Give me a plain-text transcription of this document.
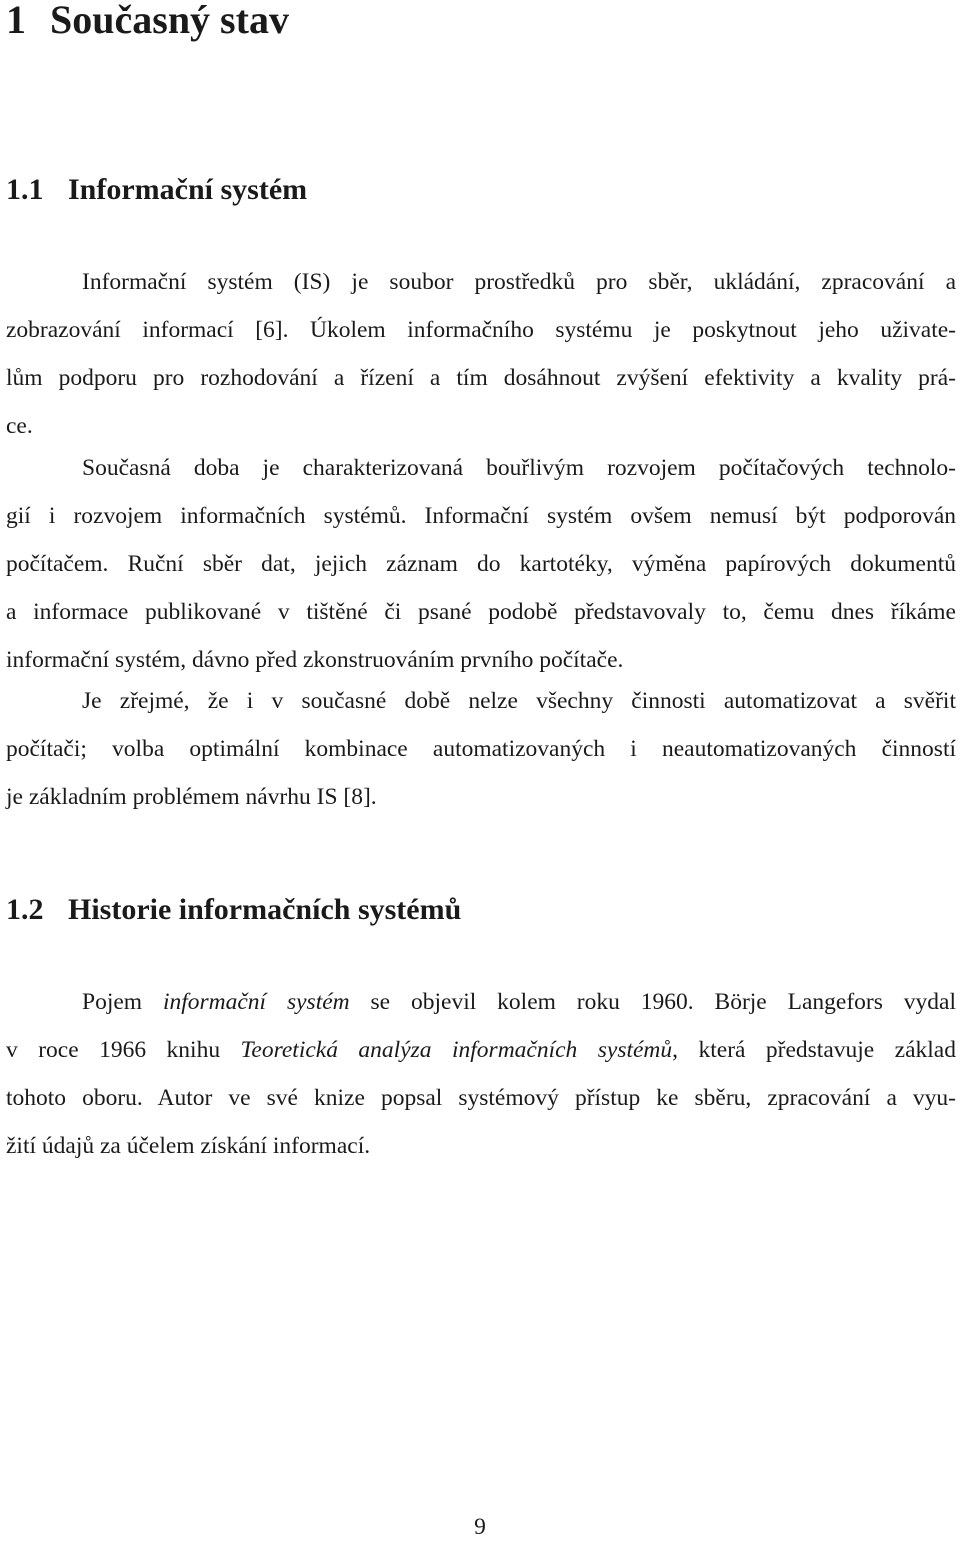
1 Současný stav
1.1 Informační systém
Informační systém (IS) je soubor prostředků pro sběr, ukládání, zpracování a
zobrazování informací [6]. Úkolem informačního systému je poskytnout jeho uživate-
lům podporu pro rozhodování a řízení a tím dosáhnout zvýšení efektivity a kvality prá-
ce.
Současná doba je charakterizovaná bouřlivým rozvojem počítačových technolo-
gií i rozvojem informačních systémů. Informační systém ovšem nemusí být podporován
počítačem. Ruční sběr dat, jejich záznam do kartotéky, výměna papírových dokumentů
a informace publikované v tištěné či psané podobě představovaly to, čemu dnes říkáme
informační systém, dávno před zkonstruováním prvního počítače.
Je zřejmé, že i v současné době nelze všechny činnosti automatizovat a svěřit
počítači; volba optimální kombinace automatizovaných i neautomatizovaných činností
je základním problémem návrhu IS [8].
1.2 Historie informačních systémů
Pojem informační systém se objevil kolem roku 1960. Börje Langefors vydal
v roce 1966 knihu Teoretická analýza informačních systémů, která představuje základ
tohoto oboru. Autor ve své knize popsal systémový přístup ke sběru, zpracování a vyu-
žití údajů za účelem získání informací.
9
